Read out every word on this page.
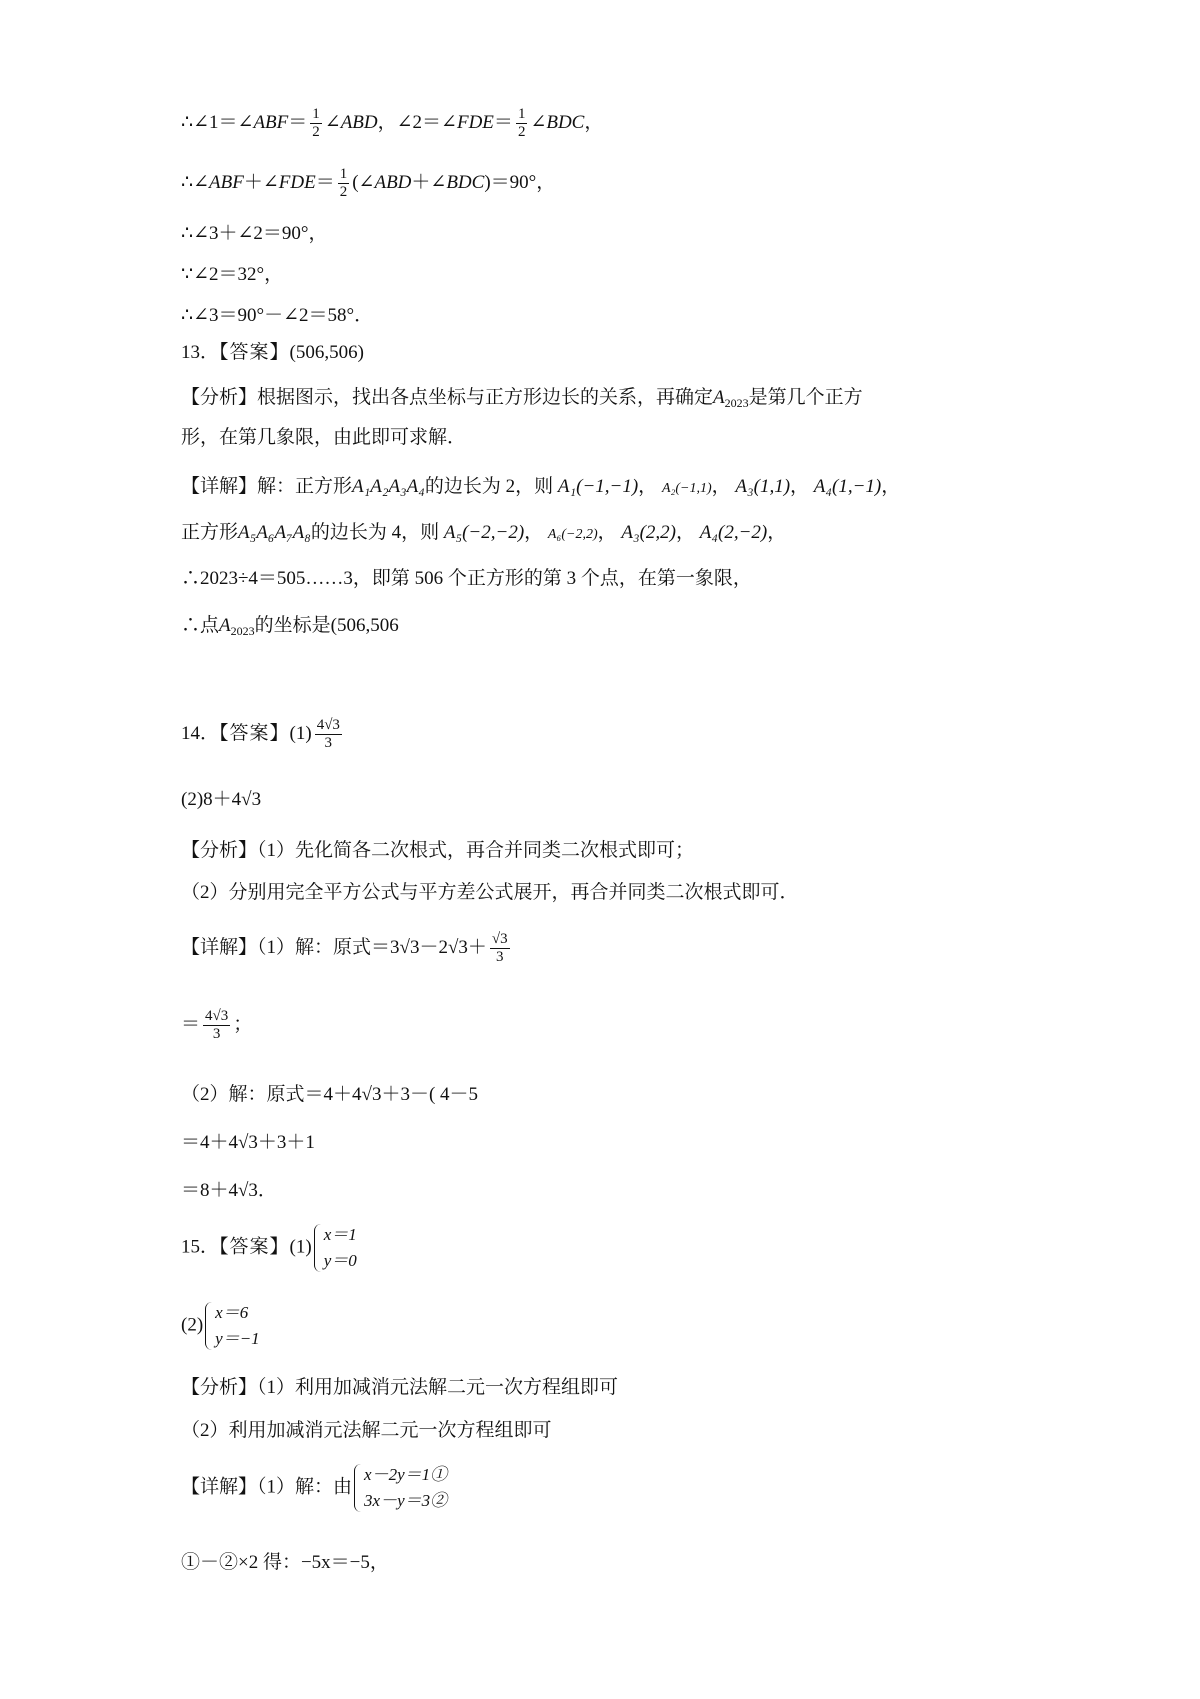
∴∠1＝∠ABF＝ $\frac{1}{2}$ ∠ABD，∠2＝∠FDE＝ $\frac{1}{2}$ ∠BDC，
∴∠ABF＋∠FDE＝ $\frac{1}{2}$ (∠ABD＋∠BDC)＝90°，
∴∠3＋∠2＝90°，
∵∠2＝32°，
∴∠3＝90°－∠2＝58°．
13．【答案】(506,506)
【分析】根据图示，找出各点坐标与正方形边长的关系，再确定$A_{2023}$是第几个正方
形，在第几象限，由此即可求解．
【详解】解：正方形A₁A₂A₃A₄的边长为 2，则 A₁(−1,−1)， A₂(−1,1)， A₃(1,1)， A₄(1,−1)，
正方形A₅A₆A₇A₈的边长为 4，则 A₅(−2,−2)， A₆(−2,2)， A₃(2,2)， A₄(2,−2)，
∴2023÷4＝505……3，即第 506 个正方形的第 3 个点，在第一象限，
∴点$A_{2023}$的坐标是(506,506
14．【答案】$(1) \frac{4√3}{3}$
(2)8＋4√3
【分析】（1）先化简各二次根式，再合并同类二次根式即可；
（2）分别用完全平方公式与平方差公式展开，再合并同类二次根式即可．
【详解】（1）解：原式$=3√3-2√3+ \frac{√3}{3}$
＝ $\frac{4√3}{3}$ ；
（2）解：原式＝4＋4√3＋3－( 4－5
＝4＋4√3＋3＋1
＝8＋4√3．
15．【答案】(1)
x＝1
y＝0
(2)
x＝6
y＝−1
【分析】（1）利用加减消元法解二元一次方程组即可
（2）利用加减消元法解二元一次方程组即可
【详解】（1）解：由
x－2y＝1①
3x－y＝3②
①－②×2 得：−5x＝−5，
